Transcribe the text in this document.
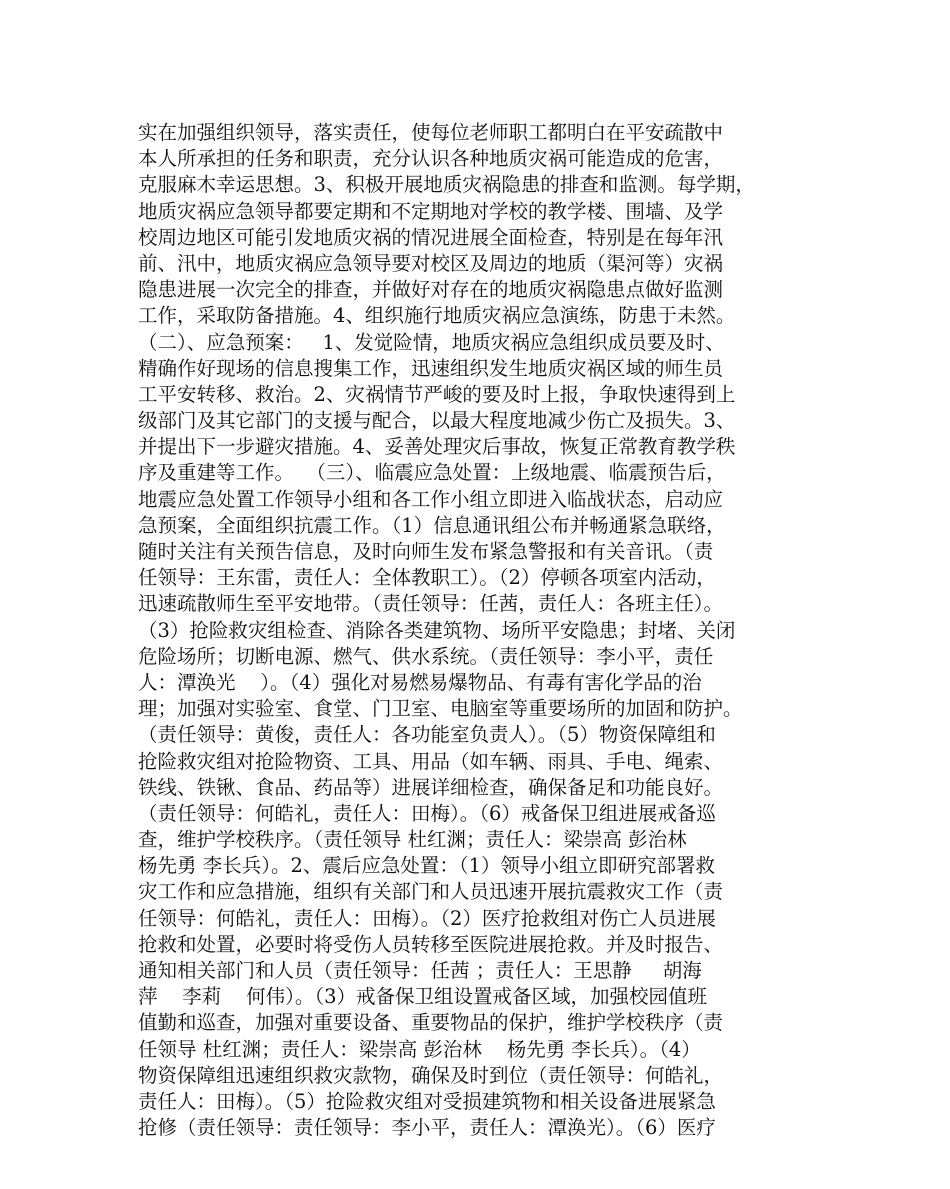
实在加强组织领导，落实责任，使每位老师职工都明白在平安疏散中
本人所承担的任务和职责，充分认识各种地质灾祸可能造成的危害，
克服麻木幸运思想。3、积极开展地质灾祸隐患的排查和监测。每学期，
地质灾祸应急领导都要定期和不定期地对学校的教学楼、围墙、及学
校周边地区可能引发地质灾祸的情况进展全面检查，特别是在每年汛
前、汛中，地质灾祸应急领导要对校区及周边的地质（渠河等）灾祸
隐患进展一次完全的排查，并做好对存在的地质灾祸隐患点做好监测
工作，采取防备措施。4、组织施行地质灾祸应急演练，防患于未然。
（二）、应急预案：   1、发觉险情，地质灾祸应急组织成员要及时、
精确作好现场的信息搜集工作，迅速组织发生地质灾祸区域的师生员
工平安转移、救治。2、灾祸情节严峻的要及时上报，争取快速得到上
级部门及其它部门的支援与配合，以最大程度地减少伤亡及损失。3、
并提出下一步避灾措施。4、妥善处理灾后事故，恢复正常教育教学秩
序及重建等工作。  （三）、临震应急处置：上级地震、临震预告后，
地震应急处置工作领导小组和各工作小组立即进入临战状态，启动应
急预案，全面组织抗震工作。（1）信息通讯组公布并畅通紧急联络，
随时关注有关预告信息，及时向师生发布紧急警报和有关音讯。（责
任领导：王东雷，责任人：全体教职工）。（2）停顿各项室内活动，
迅速疏散师生至平安地带。（责任领导：任茜，责任人：各班主任）。
（3）抢险救灾组检查、消除各类建筑物、场所平安隐患；封堵、关闭
危险场所；切断电源、燃气、供水系统。（责任领导：李小平，责任
人：潭涣光    ）。（4）强化对易燃易爆物品、有毒有害化学品的治
理；加强对实验室、食堂、门卫室、电脑室等重要场所的加固和防护。
（责任领导：黄俊，责任人：各功能室负责人）。（5）物资保障组和
抢险救灾组对抢险物资、工具、用品（如车辆、雨具、手电、绳索、
铁线、铁锹、食品、药品等）进展详细检查，确保备足和功能良好。
（责任领导：何皓礼，责任人：田梅）。（6）戒备保卫组进展戒备巡
查，维护学校秩序。（责任领导 杜红渊；责任人：梁崇高 彭治林
杨先勇 李长兵）。2、震后应急处置：（1）领导小组立即研究部署救
灾工作和应急措施，组织有关部门和人员迅速开展抗震救灾工作（责
任领导：何皓礼，责任人：田梅）。（2）医疗抢救组对伤亡人员进展
抢救和处置，必要时将受伤人员转移至医院进展抢救。并及时报告、
通知相关部门和人员（责任领导：任茜 ；责任人：王思静     胡海
萍    李莉    何伟）。（3）戒备保卫组设置戒备区域，加强校园值班
值勤和巡查，加强对重要设备、重要物品的保护，维护学校秩序（责
任领导 杜红渊；责任人：梁崇高 彭治林    杨先勇 李长兵）。（4）
物资保障组迅速组织救灾款物，确保及时到位（责任领导：何皓礼，
责任人：田梅）。（5）抢险救灾组对受损建筑物和相关设备进展紧急
抢修（责任领导：责任领导：李小平，责任人：潭涣光）。（6）医疗
